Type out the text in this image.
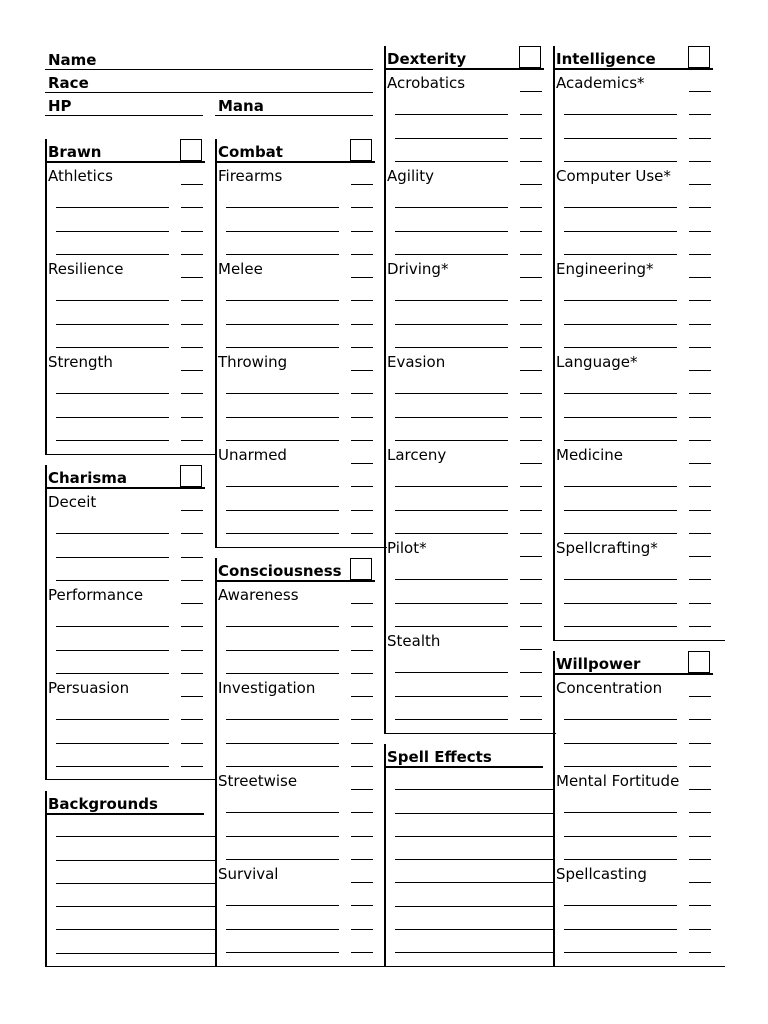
Name
Race
HP	Mana
Brawn
Athletics
Resilience
Strength
Charisma
Deceit
Performance
Persuasion
Backgrounds
Combat
Firearms
Melee
Throwing
Unarmed
Consciousness
Awareness
Investigation
Streetwise
Survival
Dexterity
Acrobatics
Agility
Driving*
Evasion
Larceny
Pilot*
Stealth
Spell Effects
Intelligence
Academics*
Computer Use*
Engineering*
Language*
Medicine
Spellcrafting*
Willpower
Concentration
Mental Fortitude
Spellcasting
